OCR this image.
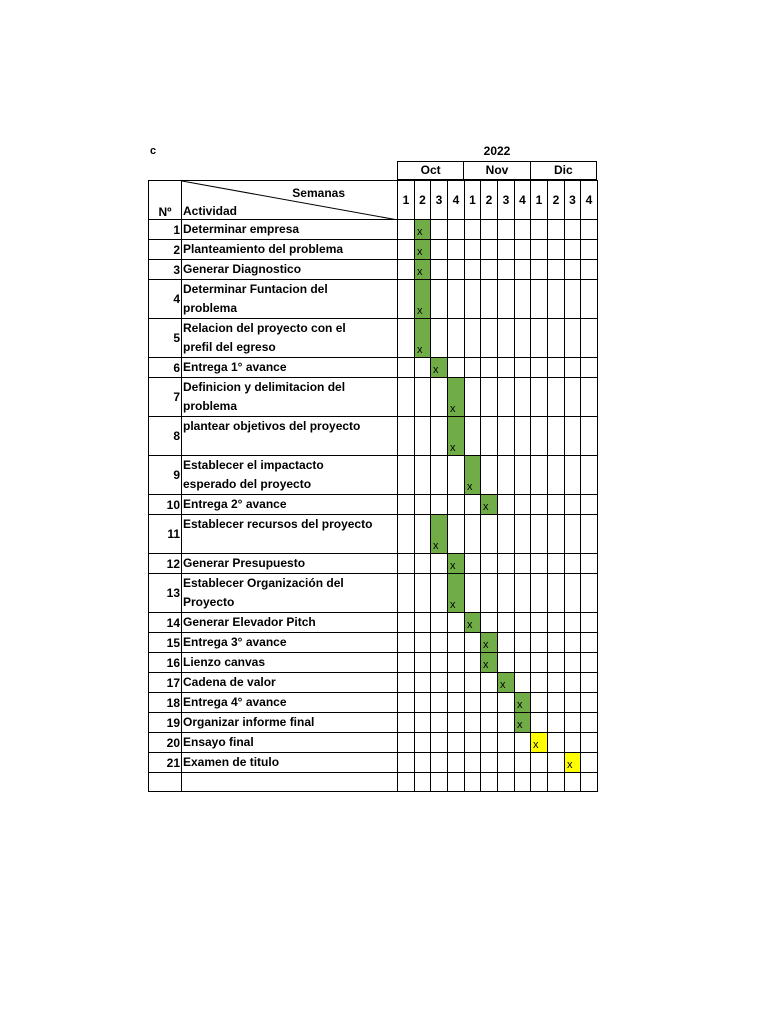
c	2022
Oct	Nov	Dic
Nº	Semanas
Actividad	1	2	3	4	1	2	3	4	1	2	3	4
1	Determinar empresa		x										
2	Planteamiento del problema		x										
3	Generar Diagnostico		x										
4	Determinar Funtacion del
problema		x										
5	Relacion del proyecto con el
prefil del egreso		x										
6	Entrega 1° avance			x									
7	Definicion y delimitacion del
problema				x								
8	plantear objetivos del proyecto				x								
9	Establecer el impactacto
esperado del proyecto					x							
10	Entrega 2° avance						x						
11	Establecer recursos del proyecto			x									
12	Generar Presupuesto				x								
13	Establecer Organización del
Proyecto				x								
14	Generar Elevador Pitch					x							
15	Entrega 3° avance						x						
16	Lienzo canvas						x						
17	Cadena de valor							x					
18	Entrega 4° avance								x				
19	Organizar informe final								x				
20	Ensayo final									x			
21	Examen de titulo											x	
